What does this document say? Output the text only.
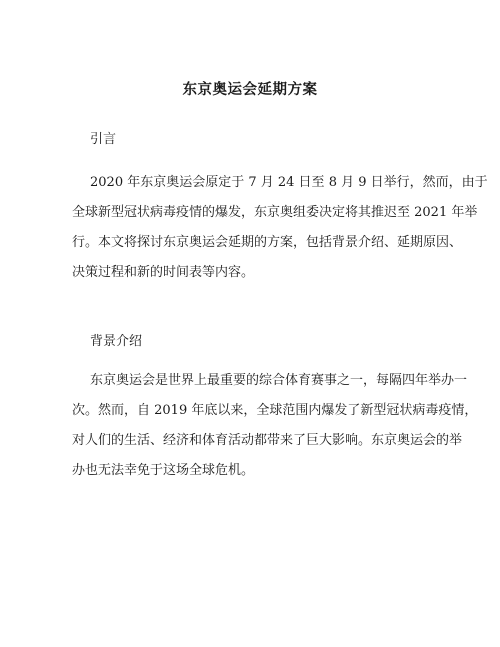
东京奥运会延期方案
引言
2020 年东京奥运会原定于 7 月 24 日至 8 月 9 日举行，然而，由于
全球新型冠状病毒疫情的爆发，东京奥组委决定将其推迟至 2021 年举
行。本文将探讨东京奥运会延期的方案，包括背景介绍、延期原因、
决策过程和新的时间表等内容。
背景介绍
东京奥运会是世界上最重要的综合体育赛事之一，每隔四年举办一
次。然而，自 2019 年底以来，全球范围内爆发了新型冠状病毒疫情，
对人们的生活、经济和体育活动都带来了巨大影响。东京奥运会的举
办也无法幸免于这场全球危机。
